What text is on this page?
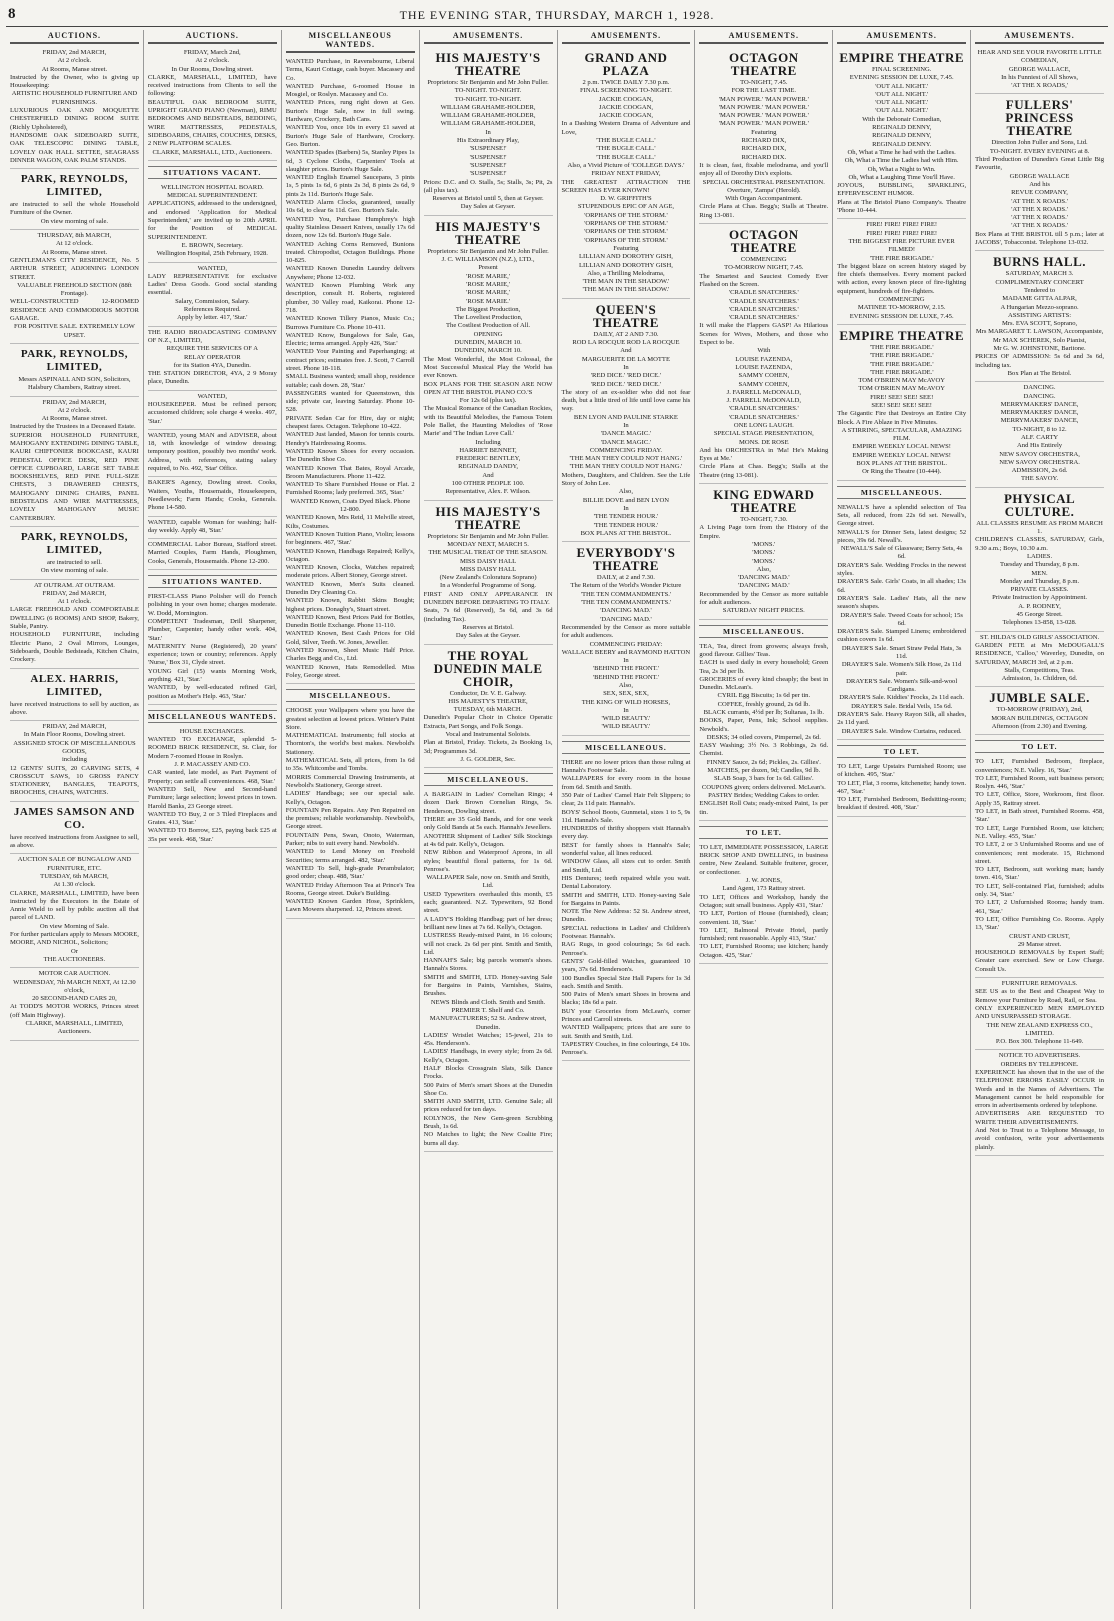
8	THE EVENING STAR, THURSDAY, MARCH 1, 1928.
AUCTIONS.

FRIDAY, 2nd MARCH,

At 2 o'clock.

At Rooms, Manse street.

Instructed by the Owner, who is giving up Housekeeping:

ARTISTIC HOUSEHOLD FURNITURE AND FURNISHINGS.

LUXURIOUS OAK AND MOQUETTE CHESTERFIELD DINING ROOM SUITE (Richly Upholstered),

HANDSOME OAK SIDEBOARD SUITE, OAK TELESCOPIC DINING TABLE, LOVELY OAK HALL SETTEE, SEAGRASS DINNER WAGON, OAK PALM STANDS.

PARK, REYNOLDS, LIMITED,

are instructed to sell the whole Household Furniture of the Owner.

On view morning of sale.

THURSDAY, 8th MARCH,

At 12 o'clock.

At Rooms, Manse street.

GENTLEMAN'S CITY RESIDENCE, No. 5 ARTHUR STREET, ADJOINING LONDON STREET.

VALUABLE FREEHOLD SECTION (88ft Frontage).

WELL-CONSTRUCTED 12-ROOMED RESIDENCE AND COMMODIOUS MOTOR GARAGE.

FOR POSITIVE SALE. EXTREMELY LOW UPSET.

PARK, REYNOLDS, LIMITED,

Messrs ASPINALL AND SON, Solicitors,

Halsbury Chambers, Rattray street.

FRIDAY, 2nd MARCH,

At 2 o'clock.

At Rooms, Manse street.

Instructed by the Trustees in a Deceased Estate.

SUPERIOR HOUSEHOLD FURNITURE, MAHOGANY EXTENDING DINING TABLE, KAURI CHIFFONIER BOOKCASE, KAURI PEDESTAL OFFICE DESK, RED PINE OFFICE CUPBOARD, LARGE SET TABLE BOOKSHELVES, RED PINE FULL-SIZE CHESTS, 3 DRAWERED CHESTS, MAHOGANY DINING CHAIRS, PANEL BEDSTEADS AND WIRE MATTRESSES, LOVELY MAHOGANY MUSIC CANTERBURY.

PARK, REYNOLDS, LIMITED,

are instructed to sell.

On view morning of sale.

AT OUTRAM. AT OUTRAM.

FRIDAY, 2nd MARCH,

At 1 o'clock.

LARGE FREEHOLD AND COMFORTABLE DWELLING (6 ROOMS) AND SHOP, Bakery, Stable, Pantry.

HOUSEHOLD FURNITURE, including Electric Piano, 2 Oval Mirrors, Lounges, Sideboards, Double Bedsteads, Kitchen Chairs, Crockery.

ALEX. HARRIS, LIMITED,

have received instructions to sell by auction, as above.

FRIDAY, 2nd MARCH,

In Main Floor Rooms, Dowling street.

ASSIGNED STOCK OF MISCELLANEOUS GOODS,

including

12 GENTS' SUITS, 20 CARVING SETS, 4 CROSSCUT SAWS, 10 GROSS FANCY STATIONERY, BANGLES, TEAPOTS, BROOCHES, CHAINS, WATCHES.

JAMES SAMSON AND CO.

have received instructions from Assignee to sell, as above.

AUCTION SALE OF BUNGALOW AND FURNITURE, ETC.

TUESDAY, 6th MARCH,

At 1.30 o'clock.

CLARKE, MARSHALL, LIMITED, have been instructed by the Executors in the Estate of Annie Wield to sell by public auction all that parcel of LAND.

On view Morning of Sale.

For further particulars apply to Messrs MOORE, MOORE, AND NICHOL, Solicitors;

Or

THE AUCTIONEERS.

MOTOR CAR AUCTION.

WEDNESDAY, 7th MARCH NEXT, At 12.30 o'clock,

20 SECOND-HAND CARS 20,

At TODD'S MOTOR WORKS, Princes street (off Main Highway).

CLARKE, MARSHALL, LIMITED, Auctioneers.

AUCTIONS.

FRIDAY, March 2nd,

At 2 o'clock.

In Our Rooms, Dowling street.

CLARKE, MARSHALL, LIMITED, have received instructions from Clients to sell the following:

BEAUTIFUL OAK BEDROOM SUITE, UPRIGHT GRAND PIANO (Newman), RIMU BEDROOMS AND BEDSTEADS, BEDDING, WIRE MATTRESSES, PEDESTALS, SIDEBOARDS, CHAIRS, COUCHES, DESKS, 2 NEW PLATFORM SCALES.

CLARKE, MARSHALL, LTD., Auctioneers.

SITUATIONS VACANT.

WELLINGTON HOSPITAL BOARD.

MEDICAL SUPERINTENDENT.

APPLICATIONS, addressed to the undersigned, and endorsed 'Application for Medical Superintendent,' are invited up to 20th APRIL for the Position of MEDICAL SUPERINTENDENT.

E. BROWN, Secretary.

Wellington Hospital, 25th February, 1928.

WANTED,

LADY REPRESENTATIVE for exclusive Ladies' Dress Goods. Good social standing essential.

Salary, Commission, Salary.

References Required.

Apply by letter. 417, 'Star.'

THE RADIO BROADCASTING COMPANY OF N.Z., LIMITED,

REQUIRE THE SERVICES OF A

RELAY OPERATOR

for its Station 4YA, Dunedin.

THE STATION DIRECTOR, 4YA, 2 9 Moray place, Dunedin.

WANTED,

HOUSEKEEPER. Must be refined person; accustomed children; sole charge 4 weeks. 497, 'Star.'

WANTED, young MAN and ADVISER, about 18, with knowledge of window dressing; temporary position, possibly two months' work. Address, with references, stating salary required, to No. 492, 'Star' Office.

BAKER'S Agency, Dowling street. Cooks, Waiters, Youths, Housemaids, Housekeepers, Needlework; Farm Hands; Cooks, Generals. Phone 14-580.

WANTED, capable Woman for washing; half-day weekly. Apply 48, 'Star.'

COMMERCIAL Labor Bureau, Stafford street. Married Couples, Farm Hands, Ploughmen, Cooks, Generals, Housemaids. Phone 12-200.

SITUATIONS WANTED.

FIRST-CLASS Piano Polisher will do French polishing in your own home; charges moderate. W. Dodd, Mornington.

COMPETENT Tradesman, Drill Sharpener, Plumber, Carpenter; handy other work. 404, 'Star.'

MATERNITY Nurse (Registered), 20 years' experience; town or country; references. Apply 'Nurse,' Box 31, Clyde street.

YOUNG Girl (15) wants Morning Work, anything. 421, 'Star.'

WANTED, by well-educated refined Girl, position as Mother's Help. 463, 'Star.'

MISCELLANEOUS WANTEDS.

HOUSE EXCHANGES.

WANTED TO EXCHANGE, splendid 5-ROOMED BRICK RESIDENCE, St. Clair, for Modern 7-roomed House in Roslyn.

J. P. MACASSEY AND CO.

CAR wanted, late model, as Part Payment of Property; can settle all conveniences. 468, 'Star.'

WANTED Sell, New and Second-hand Furniture; large selection; lowest prices in town. Harold Banks, 23 George street.

WANTED TO Buy, 2 or 3 Tiled Fireplaces and Grates. 413, 'Star.'

WANTED TO Borrow, £25, paying back £25 at 35s per week. 468, 'Star.'

MISCELLANEOUS WANTEDS.

WANTED Purchase, in Ravensbourne, Liberal Terms, Kauri Cottage, cash buyer. Macassey and Co.

WANTED Purchase, 6-roomed House in Mosgiel, or Roslyn. Macassey and Co.

WANTED Prices, rung right down at Geo. Burton's Huge Sale, now in full swing. Hardware, Crockery, Bath Cans.

WANTED You, once 10s in every £1 saved at Burton's Huge Sale of Hardware, Crockery. Geo. Burton.

WANTED Spades (Barbers) 5s, Stanley Pipes 1s 6d, 3 Cyclone Cloths, Carpenters' Tools at slaughter prices. Burton's Huge Sale.

WANTED English Enamel Saucepans, 3 pints 1s, 5 pints 1s 6d, 6 pints 2s 3d, 8 pints 2s 6d, 9 pints 2s 11d. Burton's Huge Sale.

WANTED Alarm Clocks, guaranteed, usually 10s 6d, to clear 6s 11d. Geo. Burton's Sale.

WANTED You, Purchase Humphrey's high quality Stainless Dessert Knives, usually 17s 6d dozen, now 12s 6d. Burton's Huge Sale.

WANTED Aching Corns Removed, Bunions treated. Chiropodist, Octagon Buildings. Phone 10-825.

WANTED Known Dunedin Laundry delivers Anywhere; Phone 12-032.

WANTED Known Plumbing Work any description, consult H. Roberts, registered plumber, 30 Valley road, Kaikorai. Phone 12-718.

WANTED Known Tillery Pianos, Music Co.; Burrows Furniture Co. Phone 10-411.

WANTED Know, Bungalows for Sale, Gas, Electric; terms arranged. Apply 426, 'Star.'

WANTED Your Painting and Paperhanging; at contract prices; estimates free. J. Scott, 7 Carroll street. Phone 18-118.

SMALL Business wanted; small shop, residence suitable; cash down. 28, 'Star.'

PASSENGERS wanted for Queenstown, this side; private car, leaving Saturday. Phone 10-528.

PRIVATE Sedan Car for Hire, day or night; cheapest fares. Octagon. Telephone 10-422.

WANTED Just landed, Mason for tennis courts. Hendry's Hairdressing Rooms.

WANTED Known Shoes for every occasion. The Dunedin Shoe Co.

WANTED Known That Bates, Royal Arcade, Broom Manufacturers. Phone 11-422.

WANTED To Share Furnished House or Flat. 2 Furnished Rooms; lady preferred. 365, 'Star.'

WANTED Known, Coats Dyed Black. Phone 12-800.

WANTED Known, Mrs Reid, 11 Melville street, Kilts, Costumes.

WANTED Known Tuition Piano, Violin; lessons for beginners. 467, 'Star.'

WANTED Known, Handbags Repaired; Kelly's, Octagon.

WANTED Known, Clocks, Watches repaired; moderate prices. Albert Stoney, George street.

WANTED Known, Men's Suits cleaned. Dunedin Dry Cleaning Co.

WANTED Known, Rabbit Skins Bought; highest prices. Donaghy's, Stuart street.

WANTED Known, Best Prices Paid for Bottles, Dunedin Bottle Exchange. Phone 11-110.

WANTED Known, Best Cash Prices for Old Gold, Silver, Teeth. W. Jones, Jeweller.

WANTED Known, Sheet Music Half Price. Charles Begg and Co., Ltd.

WANTED Known, Hats Remodelled. Miss Foley, George street.

MISCELLANEOUS.

CHOOSE your Wallpapers where you have the greatest selection at lowest prices. Winter's Paint Store.

MATHEMATICAL Instruments; full stocks at Thornton's, the world's best makes. Newbold's Stationery.

MATHEMATICAL Sets, all prices, from 1s 6d to 35s. Whitcombe and Tombs.

MORRIS Commercial Drawing Instruments, at Newbold's Stationery, George street.

LADIES' Handbags; see our special sale. Kelly's, Octagon.

FOUNTAIN Pen Repairs. Any Pen Repaired on the premises; reliable workmanship. Newbold's, George street.

FOUNTAIN Pens, Swan, Onoto, Waterman, Parker; nibs to suit every hand. Newbold's.

WANTED to Lend Money on Freehold Securities; terms arranged. 482, 'Star.'

WANTED To Sell, high-grade Perambulator; good order; cheap. 488, 'Star.'

WANTED Friday Afternoon Tea at Prince's Tea Rooms, George street. Duke's Building.

WANTED Known Garden Hose, Sprinklers, Lawn Mowers sharpened. 12, Princes street.

AMUSEMENTS.
HIS MAJESTY'S THEATRE

Proprietors: Sir Benjamin and Mr John Fuller.

TO-NIGHT. TO-NIGHT.

TO-NIGHT. TO-NIGHT.

WILLIAM GRAHAME-HOLDER,

WILLIAM GRAHAME-HOLDER,

WILLIAM GRAHAME-HOLDER,

In

His Extraordinary Play,

'SUSPENSE!'

'SUSPENSE!'

'SUSPENSE!'

'SUSPENSE!'

Prices: D.C. and O. Stalls, 5s; Stalls, 3s; Pit, 2s (all plus tax).

Reserves at Bristol until 5, then at Geyser.

Day Sales at Geyser.

HIS MAJESTY'S THEATRE

Proprietors: Sir Benjamin and Mr John Fuller.

J. C. WILLIAMSON (N.Z.), LTD.,

Present

'ROSE MARIE,'

'ROSE MARIE,'

'ROSE MARIE,'

'ROSE MARIE.'

The Biggest Production,

The Loveliest Production,

The Costliest Production of All.

OPENING

DUNEDIN, MARCH 10.

DUNEDIN, MARCH 10.

The Most Wonderful, the Most Colossal, the Most Successful Musical Play the World has ever Known.

BOX PLANS FOR THE SEASON ARE NOW OPEN AT THE BRISTOL PIANO CO.'S

For 12s 6d (plus tax).

The Musical Romance of the Canadian Rockies, with its Beautiful Melodies, the Famous Totem Pole Ballet, the Haunting Melodies of 'Rose Marie' and 'The Indian Love Call.'

Including

HARRIET BENNET,

FREDERIC BENTLEY,

REGINALD DANDY,

And

100 OTHER PEOPLE 100.

Representative, Alex. F. Wilson.

HIS MAJESTY'S THEATRE

Proprietors: Sir Benjamin and Mr John Fuller.

MONDAY NEXT, MARCH 5.

THE MUSICAL TREAT OF THE SEASON.

MISS DAISY HALL

MISS DAISY HALL

(New Zealand's Coloratura Soprano)

In a Wonderful Programme of Song.

FIRST AND ONLY APPEARANCE IN DUNEDIN BEFORE DEPARTING TO ITALY.

Seats, 7s 6d (Reserved), 5s 6d, and 3s 6d (including Tax).

Reserves at Bristol.

Day Sales at the Geyser.

THE ROYAL DUNEDIN MALE CHOIR,

Conductor, Dr. V. E. Galway.

HIS MAJESTY'S THEATRE,

TUESDAY, 6th MARCH.

Dunedin's Popular Choir in Choice Operatic Extracts, Part Songs, and Folk Songs.

Vocal and Instrumental Soloists.

Plan at Bristol, Friday. Tickets, 2s Booking 1s, 3d; Programmes 3d.

J. G. GOLDER, Sec.

MISCELLANEOUS.

A BARGAIN in Ladies' Cornelian Rings; 4 dozen Dark Brown Cornelian Rings, 5s. Henderson, Dowling street.

THERE are 35 Gold Bands, and for one week only Gold Bands at 5s each. Hannah's Jewellers.

ANOTHER Shipment of Ladies' Silk Stockings at 4s 6d pair. Kelly's, Octagon.

NEW Ribbon and Waterproof Aprons, in all styles; beautiful floral patterns, for 1s 6d. Penrose's.

WALLPAPER Sale, now on. Smith and Smith, Ltd.

USED Typewriters overhauled this month, £5 each; guaranteed. N.Z. Typewriters, 92 Bond street.

A LADY'S Holding Handbag; part of her dress; brilliant new lines at 7s 6d. Kelly's, Octagon.

LUSTRESS Ready-mixed Paint, in 16 colours; will not crack. 2s 6d per pint. Smith and Smith, Ltd.

HANNAH'S Sale; big parcels women's shoes. Hannah's Stores.

SMITH and SMITH, LTD. Honey-saving Sale for Bargains in Paints, Varnishes, Stains, Brushes.

NEWS Blinds and Cloth. Smith and Smith.

PREMIER T. Shelf and Co.

MANUFACTURERS; 52 St. Andrew street, Dunedin.

LADIES' Wristlet Watches; 15-jewel, 21s to 45s. Henderson's.

LADIES' Handbags, in every style; from 2s 6d. Kelly's, Octagon.

HALF Blocks Crossgrain Slats, Silk Dance Frocks.

500 Pairs of Men's smart Shoes at the Dunedin Shoe Co.

SMITH AND SMITH, LTD. Genuine Sale; all prices reduced for ten days.

KOLYNOS, the New Gem-green Scrubbing Brush, 1s 6d.

NO Matches to light; the New Coalite Fire; burns all day.

AMUSEMENTS.
GRAND AND PLAZA

2 p.m. TWICE DAILY 7.30 p.m.

FINAL SCREENING TO-NIGHT.

JACKIE COOGAN,

JACKIE COOGAN,

JACKIE COOGAN,

In a Dashing Western Drama of Adventure and Love,

'THE BUGLE CALL.'

'THE BUGLE CALL.'

'THE BUGLE CALL.'

Also, a Vivid Picture of 'COLLEGE DAYS.'

FRIDAY NEXT FRIDAY,

THE GREATEST ATTRACTION THE SCREEN HAS EVER KNOWN!

D. W. GRIFFITH'S

STUPENDOUS EPIC OF AN AGE,

'ORPHANS OF THE STORM.'

'ORPHANS OF THE STORM.'

'ORPHANS OF THE STORM.'

'ORPHANS OF THE STORM.'

Featuring

LILLIAN AND DOROTHY GISH,

LILLIAN AND DOROTHY GISH,

Also, a Thrilling Melodrama,

'THE MAN IN THE SHADOW.'

'THE MAN IN THE SHADOW.'

QUEEN'S THEATRE

DAILY, AT 2 AND 7.30.

ROD LA ROCQUE ROD LA ROCQUE

And

MARGUERITE DE LA MOTTE

In

'RED DICE.' 'RED DICE.'

'RED DICE.' 'RED DICE.'

The story of an ex-soldier who did not fear death, but a little tired of life until love came his way.

BEN LYON AND PAULINE STARKE

In

'DANCE MAGIC.'

'DANCE MAGIC.'

COMMENCING FRIDAY.

'THE MAN THEY COULD NOT HANG.'

'THE MAN THEY COULD NOT HANG.'

Mothers, Daughters, and Children. See the Life Story of John Lee.

Also,

BILLIE DOVE and BEN LYON

In

'THE TENDER HOUR.'

'THE TENDER HOUR.'

BOX PLANS AT THE BRISTOL.

EVERYBODY'S THEATRE

DAILY, at 2 and 7.30.

The Return of the World's Wonder Picture

'THE TEN COMMANDMENTS.'

'THE TEN COMMANDMENTS.'

'DANCING MAD.'

'DANCING MAD.'

Recommended by the Censor as more suitable for adult audiences.

COMMENCING FRIDAY:

WALLACE BEERY and RAYMOND HATTON

In

'BEHIND THE FRONT.'

'BEHIND THE FRONT.'

Also,

SEX, SEX, SEX,

THE KING OF WILD HORSES,

In

'WILD BEAUTY.'

'WILD BEAUTY.'

MISCELLANEOUS.

THERE are no lower prices than those ruling at Hannah's Footwear Sale.

WALLPAPERS for every room in the house from 6d. Smith and Smith.

350 Pair of Ladies' Camel Hair Felt Slippers; to clear, 2s 11d pair. Hannah's.

BOYS' School Boots, Gunmetal, sizes 1 to 5, 9s 11d. Hannah's Sale.

HUNDREDS of thrifty shoppers visit Hannah's every day.

BEST for family shoes is Hannah's Sale; wonderful value, all lines reduced.

WINDOW Glass, all sizes cut to order. Smith and Smith, Ltd.

HIS Dentures; teeth repaired while you wait. Dental Laboratory.

SMITH and SMITH, LTD. Honey-saving Sale for Bargains in Paints.

NOTE The New Address: 52 St. Andrew street, Dunedin.

SPECIAL reductions in Ladies' and Children's Footwear. Hannah's.

RAG Rugs, in good colourings; 5s 6d each. Penrose's.

GENTS' Gold-filled Watches, guaranteed 10 years, 37s 6d. Henderson's.

100 Bundles Special Size Hall Papers for 1s 3d each. Smith and Smith.

500 Pairs of Men's smart Shoes in browns and blacks; 18s 6d a pair.

BUY your Groceries from McLean's, corner Princes and Carroll streets.

WANTED Wallpapers; prices that are sure to suit. Smith and Smith, Ltd.

TAPESTRY Couches, in fine colourings, £4 10s. Penrose's.

AMUSEMENTS.
OCTAGON THEATRE

TO-NIGHT, 7.45.

FOR THE LAST TIME.

'MAN POWER.' 'MAN POWER.'

'MAN POWER.' 'MAN POWER.'

'MAN POWER.' 'MAN POWER.'

'MAN POWER.' 'MAN POWER.'

Featuring

RICHARD DIX,

RICHARD DIX,

RICHARD DIX.

It is clean, fast, fixable melodrama, and you'll enjoy all of Dorothy Dix's exploits.

SPECIAL ORCHESTRAL PRESENTATION.

Overture, 'Zampa' (Herold).

With Organ Accompaniment.

Circle Plans at Chas. Begg's; Stalls at Theatre. Ring 13-081.

OCTAGON THEATRE

COMMENCING

TO-MORROW NIGHT, 7.45.

The Smartest and Sauciest Comedy Ever Flashed on the Screen.

'CRADLE SNATCHERS.'

'CRADLE SNATCHERS.'

'CRADLE SNATCHERS.'

'CRADLE SNATCHERS.'

It will make the Flappers GASP! As Hilarious Scenes for Wives, Mothers, and those who Expect to be.

With

LOUISE FAZENDA,

LOUISE FAZENDA,

SAMMY COHEN,

SAMMY COHEN,

J. FARRELL McDONALD,

J. FARRELL McDONALD,

'CRADLE SNATCHERS.'

'CRADLE SNATCHERS.'

ONE LONG LAUGH.

SPECIAL STAGE PRESENTATION,

MONS. DE ROSE

And his ORCHESTRA in 'Ma! He's Making Eyes at Me.'

Circle Plans at Chas. Begg's; Stalls at the Theatre (ring 13-081).

KING EDWARD THEATRE

TO-NIGHT, 7.30.

A Living Page torn from the History of the Empire.

'MONS.'

'MONS.'

'MONS.'

Also,

'DANCING MAD.'

'DANCING MAD.'

Recommended by the Censor as more suitable for adult audiences.

SATURDAY NIGHT PRICES.

MISCELLANEOUS.

TEA, Tea, direct from growers; always fresh, good flavour. Gillies' Teas.

EACH is used daily in every household; Green Tea, 2s 3d per lb.

GROCERIES of every kind cheaply; the best in Dunedin. McLean's.

CYRIL Egg Biscuits; 1s 6d per tin.

COFFEE, freshly ground, 2s 6d lb.

BLACK currants, 4½d per lb; Sultanas, 1s lb.

BOOKS, Paper, Pens, Ink; School supplies. Newbold's.

DESKS; 34 oiled covers, Pimpernel, 2s 6d.

EASY Washing; 3½ No. 3 Robbings, 2s 6d. Chemist.

FINNEY Sauce, 2s 6d; Pickles, 2s. Gillies'.

MATCHES, per dozen, 9d; Candles, 9d lb.

SLAB Soap, 3 bars for 1s 6d. Gillies'.

COUPONS given; orders delivered. McLean's.

PASTRY Brides; Wedding Cakes to order.

ENGLISH Roll Oats; ready-mixed Paint, 1s per tin.

TO LET.

TO LET, IMMEDIATE POSSESSION, LARGE BRICK SHOP AND DWELLING, in business centre, New Zealand. Suitable fruiterer, grocer, or confectioner.

J. W. JONES,

Land Agent, 173 Rattray street.

TO LET, Offices and Workshop, handy the Octagon; suit small business. Apply 431, 'Star.'

TO LET, Portion of House (furnished), clean; convenient. 18, 'Star.'

TO LET, Balmoral Private Hotel, partly furnished; rent reasonable. Apply 413, 'Star.'

TO LET, Furnished Rooms; use kitchen; handy Octagon. 425, 'Star.'

AMUSEMENTS.
EMPIRE THEATRE

FINAL SCREENING.

EVENING SESSION DE LUXE, 7.45.

'OUT ALL NIGHT.'

'OUT ALL NIGHT.'

'OUT ALL NIGHT.'

'OUT ALL NIGHT.'

With the Debonair Comedian,

REGINALD DENNY,

REGINALD DENNY,

REGINALD DENNY.

Oh, What a Time he had with the Ladies.

Oh, What a Time the Ladies had with Him.

Oh, What a Night to Win.

Oh, What a Laughing Time You'll Have.

JOYOUS, BUBBLING, SPARKLING, EFFERVESCENT HUMOR.

Plans at The Bristol Piano Company's. Theatre 'Phone 10-444.

FIRE! FIRE! FIRE! FIRE!

FIRE! FIRE! FIRE! FIRE!

THE BIGGEST FIRE PICTURE EVER FILMED!

'THE FIRE BRIGADE.'

The biggest blaze on screen history staged by fire chiefs themselves. Every moment packed with action, every known piece of fire-fighting equipment, hundreds of fire-fighters.

COMMENCING

MATINEE TO-MORROW, 2.15.

EVENING SESSION DE LUXE, 7.45.

EMPIRE THEATRE

'THE FIRE BRIGADE.'

'THE FIRE BRIGADE.'

'THE FIRE BRIGADE.'

'THE FIRE BRIGADE.'

TOM O'BRIEN MAY McAVOY

TOM O'BRIEN MAY McAVOY

FIRE! SEE! SEE! SEE!

SEE! SEE! SEE! SEE!

The Gigantic Fire that Destroys an Entire City Block. A Fire Ablaze in Five Minutes.

A STIRRING, SPECTACULAR, AMAZING FILM.

EMPIRE WEEKLY LOCAL NEWS!

EMPIRE WEEKLY LOCAL NEWS!

BOX PLANS AT THE BRISTOL.

Or Ring the Theatre (10-444).

MISCELLANEOUS.

NEWALL'S have a splendid selection of Tea Sets, all reduced, from 22s 6d set. Newall's, George street.

NEWALL'S for Dinner Sets, latest designs; 52 pieces, 39s 6d. Newall's.

NEWALL'S Sale of Glassware; Berry Sets, 4s 6d.

DRAYER'S Sale. Wedding Frocks in the newest styles.

DRAYER'S Sale. Girls' Coats, in all shades; 13s 6d.

DRAYER'S Sale. Ladies' Hats, all the new season's shapes.

DRAYER'S Sale. Tweed Coats for school; 15s 6d.

DRAYER'S Sale. Stamped Linens; embroidered cushion covers 1s 6d.

DRAYER'S Sale. Smart Straw Pedal Hats, 3s 11d.

DRAYER'S Sale. Women's Silk Hose, 2s 11d pair.

DRAYER'S Sale. Women's Silk-and-wool Cardigans.

DRAYER'S Sale. Kiddies' Frocks, 2s 11d each.

DRAYER'S Sale. Bridal Veils, 15s 6d.

DRAYER'S Sale. Heavy Rayon Silk, all shades, 2s 11d yard.

DRAYER'S Sale. Window Curtains, reduced.

TO LET.

TO LET, Large Upstairs Furnished Room; use of kitchen. 495, 'Star.'

TO LET, Flat, 3 rooms, kitchenette; handy town. 467, 'Star.'

TO LET, Furnished Bedroom, Bedsitting-room; breakfast if desired. 408, 'Star.'

AMUSEMENTS.

HEAR AND SEE YOUR FAVORITE LITTLE COMEDIAN,

GEORGE WALLACE,

In his Funniest of All Shows,

'AT THE X ROADS,'

FULLERS' PRINCESS THEATRE

Direction John Fuller and Sons, Ltd.

TO-NIGHT. EVERY EVENING at 8.

Third Production of Dunedin's Great Little Big Favourite,

GEORGE WALLACE

And his

REVUE COMPANY,

'AT THE X ROADS.'

'AT THE X ROADS.'

'AT THE X ROADS.'

'AT THE X ROADS.'

Box Plans at THE BRISTOL till 5 p.m.; later at JACOBS', Tobacconist. Telephone 13-032.

BURNS HALL.

SATURDAY, MARCH 3.

COMPLIMENTARY CONCERT

Tendered to

MADAME GITTA ALPAR,

A Hungarian Mezzo-soprano.

ASSISTING ARTISTS:

Mrs. EVA SCOTT, Soprano,

Mrs MARGARET T. LAWSON, Accompaniste,

Mr MAX SCHEREK, Solo Pianist,

Mr G. W. JOHNSTONE, Baritone.

PRICES OF ADMISSION: 5s 6d and 3s 6d, including tax.

Box Plan at The Bristol.

DANCING.

DANCING.

MERRYMAKERS' DANCE,

MERRYMAKERS' DANCE,

MERRYMAKERS' DANCE,

TO-NIGHT, 8 to 12.

ALF. CARTY

And His Entirely

NEW SAVOY ORCHESTRA,

NEW SAVOY ORCHESTRA.

ADMISSION, 2s 6d.

THE SAVOY.

PHYSICAL CULTURE.

ALL CLASSES RESUME AS FROM MARCH 1.

CHILDREN'S CLASSES, SATURDAY, Girls, 9.30 a.m.; Boys, 10.30 a.m.

LADIES.

Tuesday and Thursday, 8 p.m.

MEN.

Monday and Thursday, 8 p.m.

PRIVATE CLASSES.

Private Instruction by Appointment.

A. P. RODNEY,

45 George Street.

Telephones 13-858, 13-028.

ST. HILDA'S OLD GIRLS' ASSOCIATION.

GARDEN FETE at Mrs McDOUGALL'S RESIDENCE, 'Calloo,' Waverley, Dunedin, on SATURDAY, MARCH 3rd, at 2 p.m.

Stalls, Competitions, Teas.

Admission, 1s. Children, 6d.

JUMBLE SALE.

TO-MORROW (FRIDAY), 2nd,

MORAN BUILDINGS, OCTAGON

Afternoon (from 2.30) and Evening.

TO LET.

TO LET, Furnished Bedroom, fireplace, conveniences; N.E. Valley. 16, 'Star.'

TO LET, Furnished Room, suit business person; Roslyn. 446, 'Star.'

TO LET, Office, Store, Workroom, first floor. Apply 35, Rattray street.

TO LET, in Bath street, Furnished Rooms. 458, 'Star.'

TO LET, Large Furnished Room, use kitchen; N.E. Valley. 455, 'Star.'

TO LET, 2 or 3 Unfurnished Rooms and use of conveniences; rent moderate. 15, Richmond street.

TO LET, Bedroom, suit working man; handy town. 416, 'Star.'

TO LET, Self-contained Flat, furnished; adults only. 34, 'Star.'

TO LET, 2 Unfurnished Rooms; handy tram. 461, 'Star.'

TO LET, Office Furnishing Co. Rooms. Apply 13, 'Star.'

CRUST AND CRUST,

29 Manse street.

HOUSEHOLD REMOVALS by Expert Staff; Greater care exercised. Sew or Low Charge. Consult Us.

FURNITURE REMOVALS.

SEE US as to the Best and Cheapest Way to Remove your Furniture by Road, Rail, or Sea.

ONLY EXPERIENCED MEN EMPLOYED AND UNSURPASSED STORAGE.

THE NEW ZEALAND EXPRESS CO., LIMITED.

P.O. Box 300. Telephone 11-649.

NOTICE TO ADVERTISERS.

ORDERS BY TELEPHONE.

EXPERIENCE has shown that in the use of the TELEPHONE ERRORS EASILY OCCUR in Words and in the Names of Advertisers. The Management cannot be held responsible for errors in advertisements ordered by telephone.

ADVERTISERS ARE REQUESTED TO WRITE THEIR ADVERTISEMENTS.

And Not to Trust to a Telephone Message, to avoid confusion, write your advertisements plainly.
